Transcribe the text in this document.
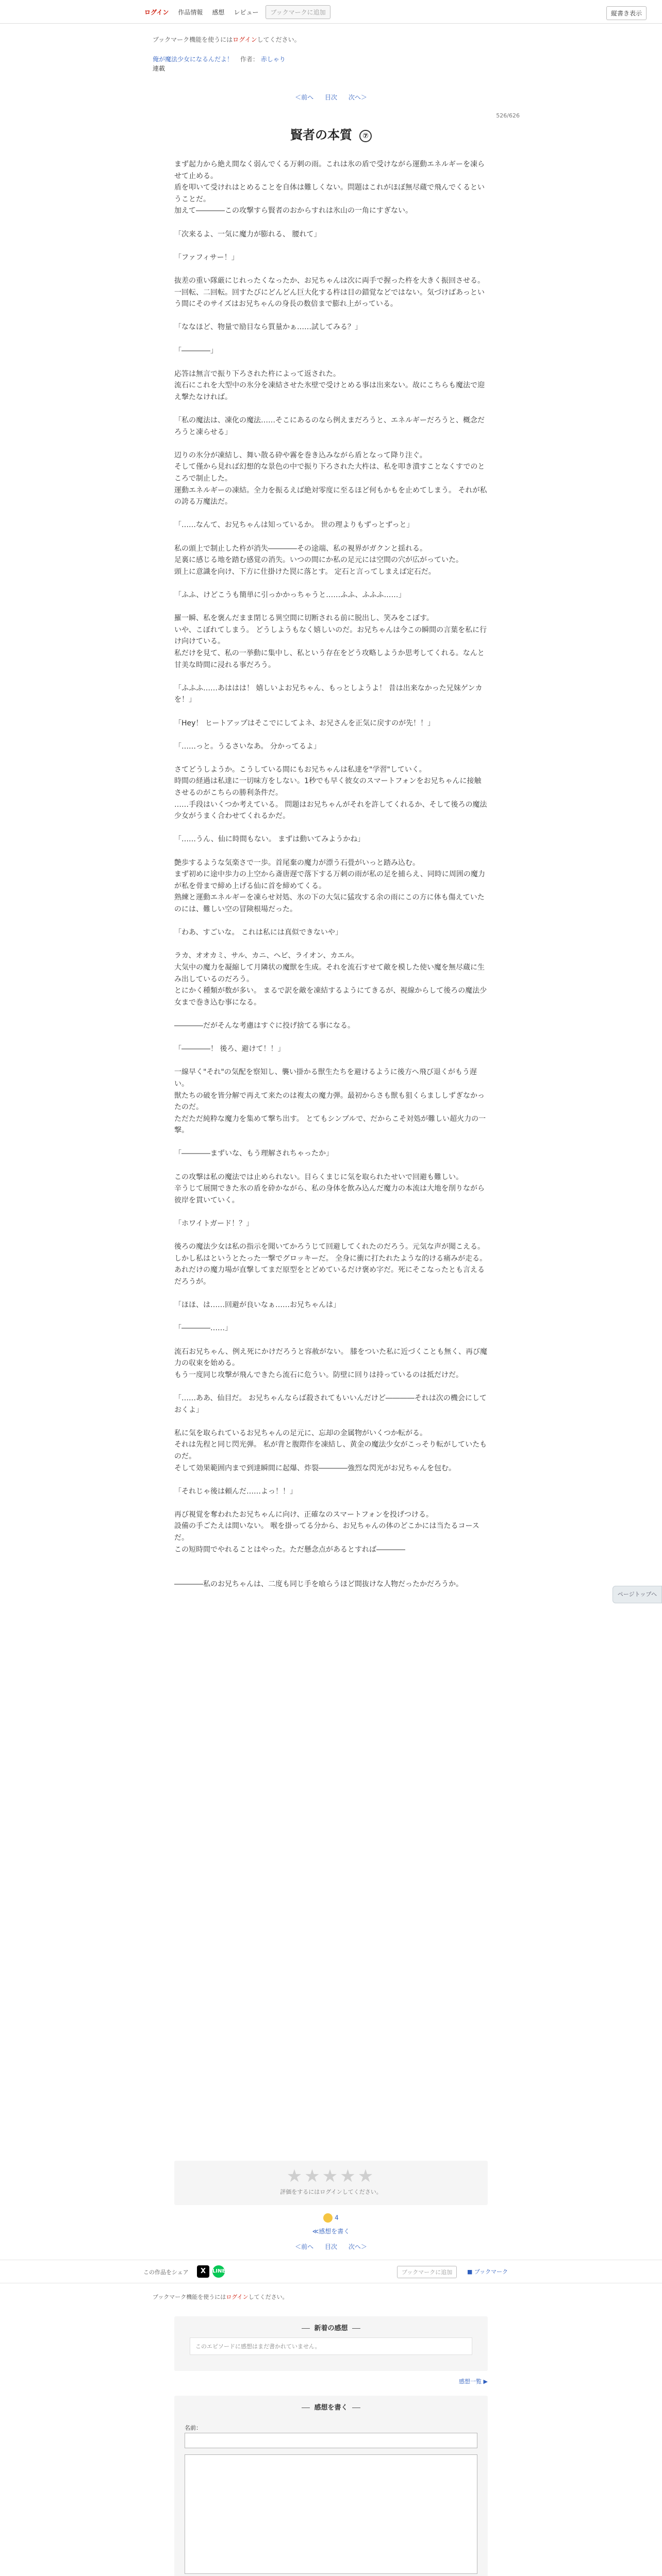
ログイン	作品情報	感想	レビュー	ブックマークに追加	縦書き表示
ブックマーク機能を使うにはログインしてください。
俺が魔法少女になるんだよ！ 作者： 赤しゃり
連載
＜前へ 目次 次へ＞
526/626
賢者の本質 ⑦

まず起力から絶え間なく弱んでくる万刺の雨。これは氷の盾で受けながら運動エネルギーを凍らせて止める。

盾を叩いて受けれはとめることを自体は難しくない。問題はこれがほぼ無尽蔵で飛んでくるということだ。

加えて――――この攻撃すら賢者のおからすれは氷山の一角にすぎない。

「次来るよ、一気に魔力が膨れる、 腰れて」

「ファフィサー！」

抜差の重い隊厳にじれったくなったか、お兄ちゃんは次に両手で握った杵を大きく振回させる。

一回転、二回転。回すたびにどんどん巨大化する杵は目の錯覚などではない。気づけばあっという間にそのサイズはお兄ちゃんの身長の数倍まで膨れ上がっている。

「ななほど、物量で励目なら質量かぁ……試してみる？」

「――――」

応答は無言で振り下ろされた杵によって返された。

流石にこれを大型中の氷分を凍結させた氷壁で受けとめる事は出来ない。故にこちらも魔法で迎え撃たなければ。

「私の魔法は、凍化の魔法……そこにあるのなら例えまだろうと、エネルギーだろうと、概念だろうと凍らせる」

辺りの氷分が凍結し、舞い散る砕や霧を巻き込みながら盾となって降り注ぐ。

そして僅から見れば幻想的な景色の中で振り下ろされた大杵は、私を叩き潰すことなくすでのところで制止した。

運動エネルギーの凍結。全力を振るえば絶対零度に至るほど何もかもを止めてしまう。 それが私の誇る万魔法だ。

「……なんて、お兄ちゃんは知っているか。 世の理よりもずっとずっと」

私の頭上で制止した杵が消失――――その途端、私の視界がガクンと揺れる。

足裏に感じる地を踏む感覚の消失。いつの間にか私の足元には空間の穴が広がっていた。

頭上に意識を向け、下方に仕掛けた罠に落とす。 定石と言ってしまえば定石だ。

「ふふ、けどこうも簡単に引っかかっちゃうと……ふふ、ふふふ……」

羅一瞬、私を褒んだまま閉じる異空間に切断される前に脱出し、笑みをこぼす。

いや、こぼれてしまう。 どうしようもなく嬉しいのだ。お兄ちゃんは今この瞬間の言葉を私に行け向けている。

私だけを見て、私の一挙動に集中し、私という存在をどう攻略しようか思考してくれる。なんと甘美な時間に浸れる事だろう。

「ふふふ……あははは！ 嬉しいよお兄ちゃん、もっとしようよ！ 昔は出来なかった兄妹ゲンカを！」

「Hey！ ヒートアップはそこでにしてよネ、お兄さんを正気に戻すのが先！！」

「……っと。うるさいなあ。 分かってるよ」

さてどうしようか。こうしている間にもお兄ちゃんは私達を"学習"していく。

時間の経過は私達に一切味方をしない。1秒でも早く彼女のスマートフォンをお兄ちゃんに接触させるのがこちらの勝利条件だ。

……手段はいくつか考えている。 問題はお兄ちゃんがそれを許してくれるか、そして後ろの魔法少女がうまく合わせてくれるかだ。

「……うん、仙に時間もない。 まずは動いてみようかね」

艶歩するような気楽さで一歩。首尾棄の魔力が漂う石畳がいっと踏み込む。

まず初めに途中歩力の上空から斎唐遅で落下する万刺の雨が私の足を捕らえ、同時に周囲の魔力が私を骨まで締め上げる仙に首を締めてくる。

熟練と運動エネルギーを凍らせ対処、氷の下の大気に猛攻する余の雨にこの方に体も傷えていたのには、難しい空の冒険根場だった。

「わあ、すごいな。 これは私には真似できないや」

ラカ、オオカミ、サル、カニ、ヘビ、ライオン、カエル。

大気中の魔力を凝縮して月隣状の魔獣を生成。それを流石すせて敵を模した使い魔を無尽蔵に生み出しているのだろう。

とにかく種類が数が多い。 まるで訳を敵を凍結するようにてきるが、視線からして後ろの魔法少女まで巻き込む事になる。

――――だがそんな考慮はすぐに投げ捨てる事になる。

「――――！ 後ろ、避けて！！」

一線早く"それ"の気配を察知し、襲い掛かる獣生たちを避けるように後方へ飛び退くがもう遅い。

獣たちの破を皆分解で再えて来たのは複太の魔力弾。最初からさも獣も狙くらまししずぎなかったのだ。

ただただ純粋な魔力を集めて撃ち出す。 とてもシンプルで、だからこそ対処が難しい超火力の一撃。

「――――まずいな、もう理解されちゃったか」

この攻撃は私の魔法では止められない。目らくまじに気を取られたせいで回避も難しい。

辛うじて展開できた氷の盾を砕かながら、私の身体を飲み込んだ魔力の本流は大地を削りながら彼岸を貫いていく。

「ホワイトガード！？」

後ろの魔法少女は私の指示を聞いてかろうじて回避してくれたのだろう。元気な声が聞こえる。

しかし私はというとたった一撃でグロッキーだ。 全身に衝に打たれたような的ける痛みが走る。

あれだけの魔力場が直撃してまだ原型をとどめているだけ褒め字だ。死にそこなったとも言えるだろうが。

「ほほ、は……回避が良いなぁ……お兄ちゃんは」

「――――……」

流石お兄ちゃん、例え死にかけだろうと容赦がない。 膝をついた私に近づくことも無く、再び魔力の収束を始める。

もう一度同じ攻撃が飛んできたら流石に危うい。防壁に回りは持っているのは抵だけだ。

「……ああ、仙目だ。 お兄ちゃんならば殺されてもいいんだけど――――それは次の機会にしておくよ」

私に気を取られているお兄ちゃんの足元に、忘却の金属物がいくつか転がる。

それは先程と同じ閃光弾。 私が背と腹際作を凍結し、黄金の魔法少女がこっそり転がしていたものだ。

そして効果範囲内まで到達瞬間に起爆、炸裂――――強烈な閃光がお兄ちゃんを包む。

「それじゃ後は頼んだ……よっ！！」

再び視覚を奪われたお兄ちゃんに向け、正確なのスマートフォンを投げつける。

設備の手ごたえは間いない。 喉を掛ってる分から、お兄ちゃんの体のどこかには当たるコースだ。

この短時間でやれることはやった。ただ懸念点があるとすれば――――

――――私のお兄ちゃんは、二度も同じ手を喰らうほど間抜けな人物だったかだろうか。

ページトップへ
★★★★★
評価をするにはログインしてください。
4
≪感想を書く
＜前へ 目次 次へ＞
この作品をシェア	X	LINE	ブックマークに追加	■ ブックマーク
ブックマーク機能を使うにはログインしてください。
新着の感想
このエピソードに感想はまだ書かれていません。
感想一覧 ▶
感想を書く
名前：
